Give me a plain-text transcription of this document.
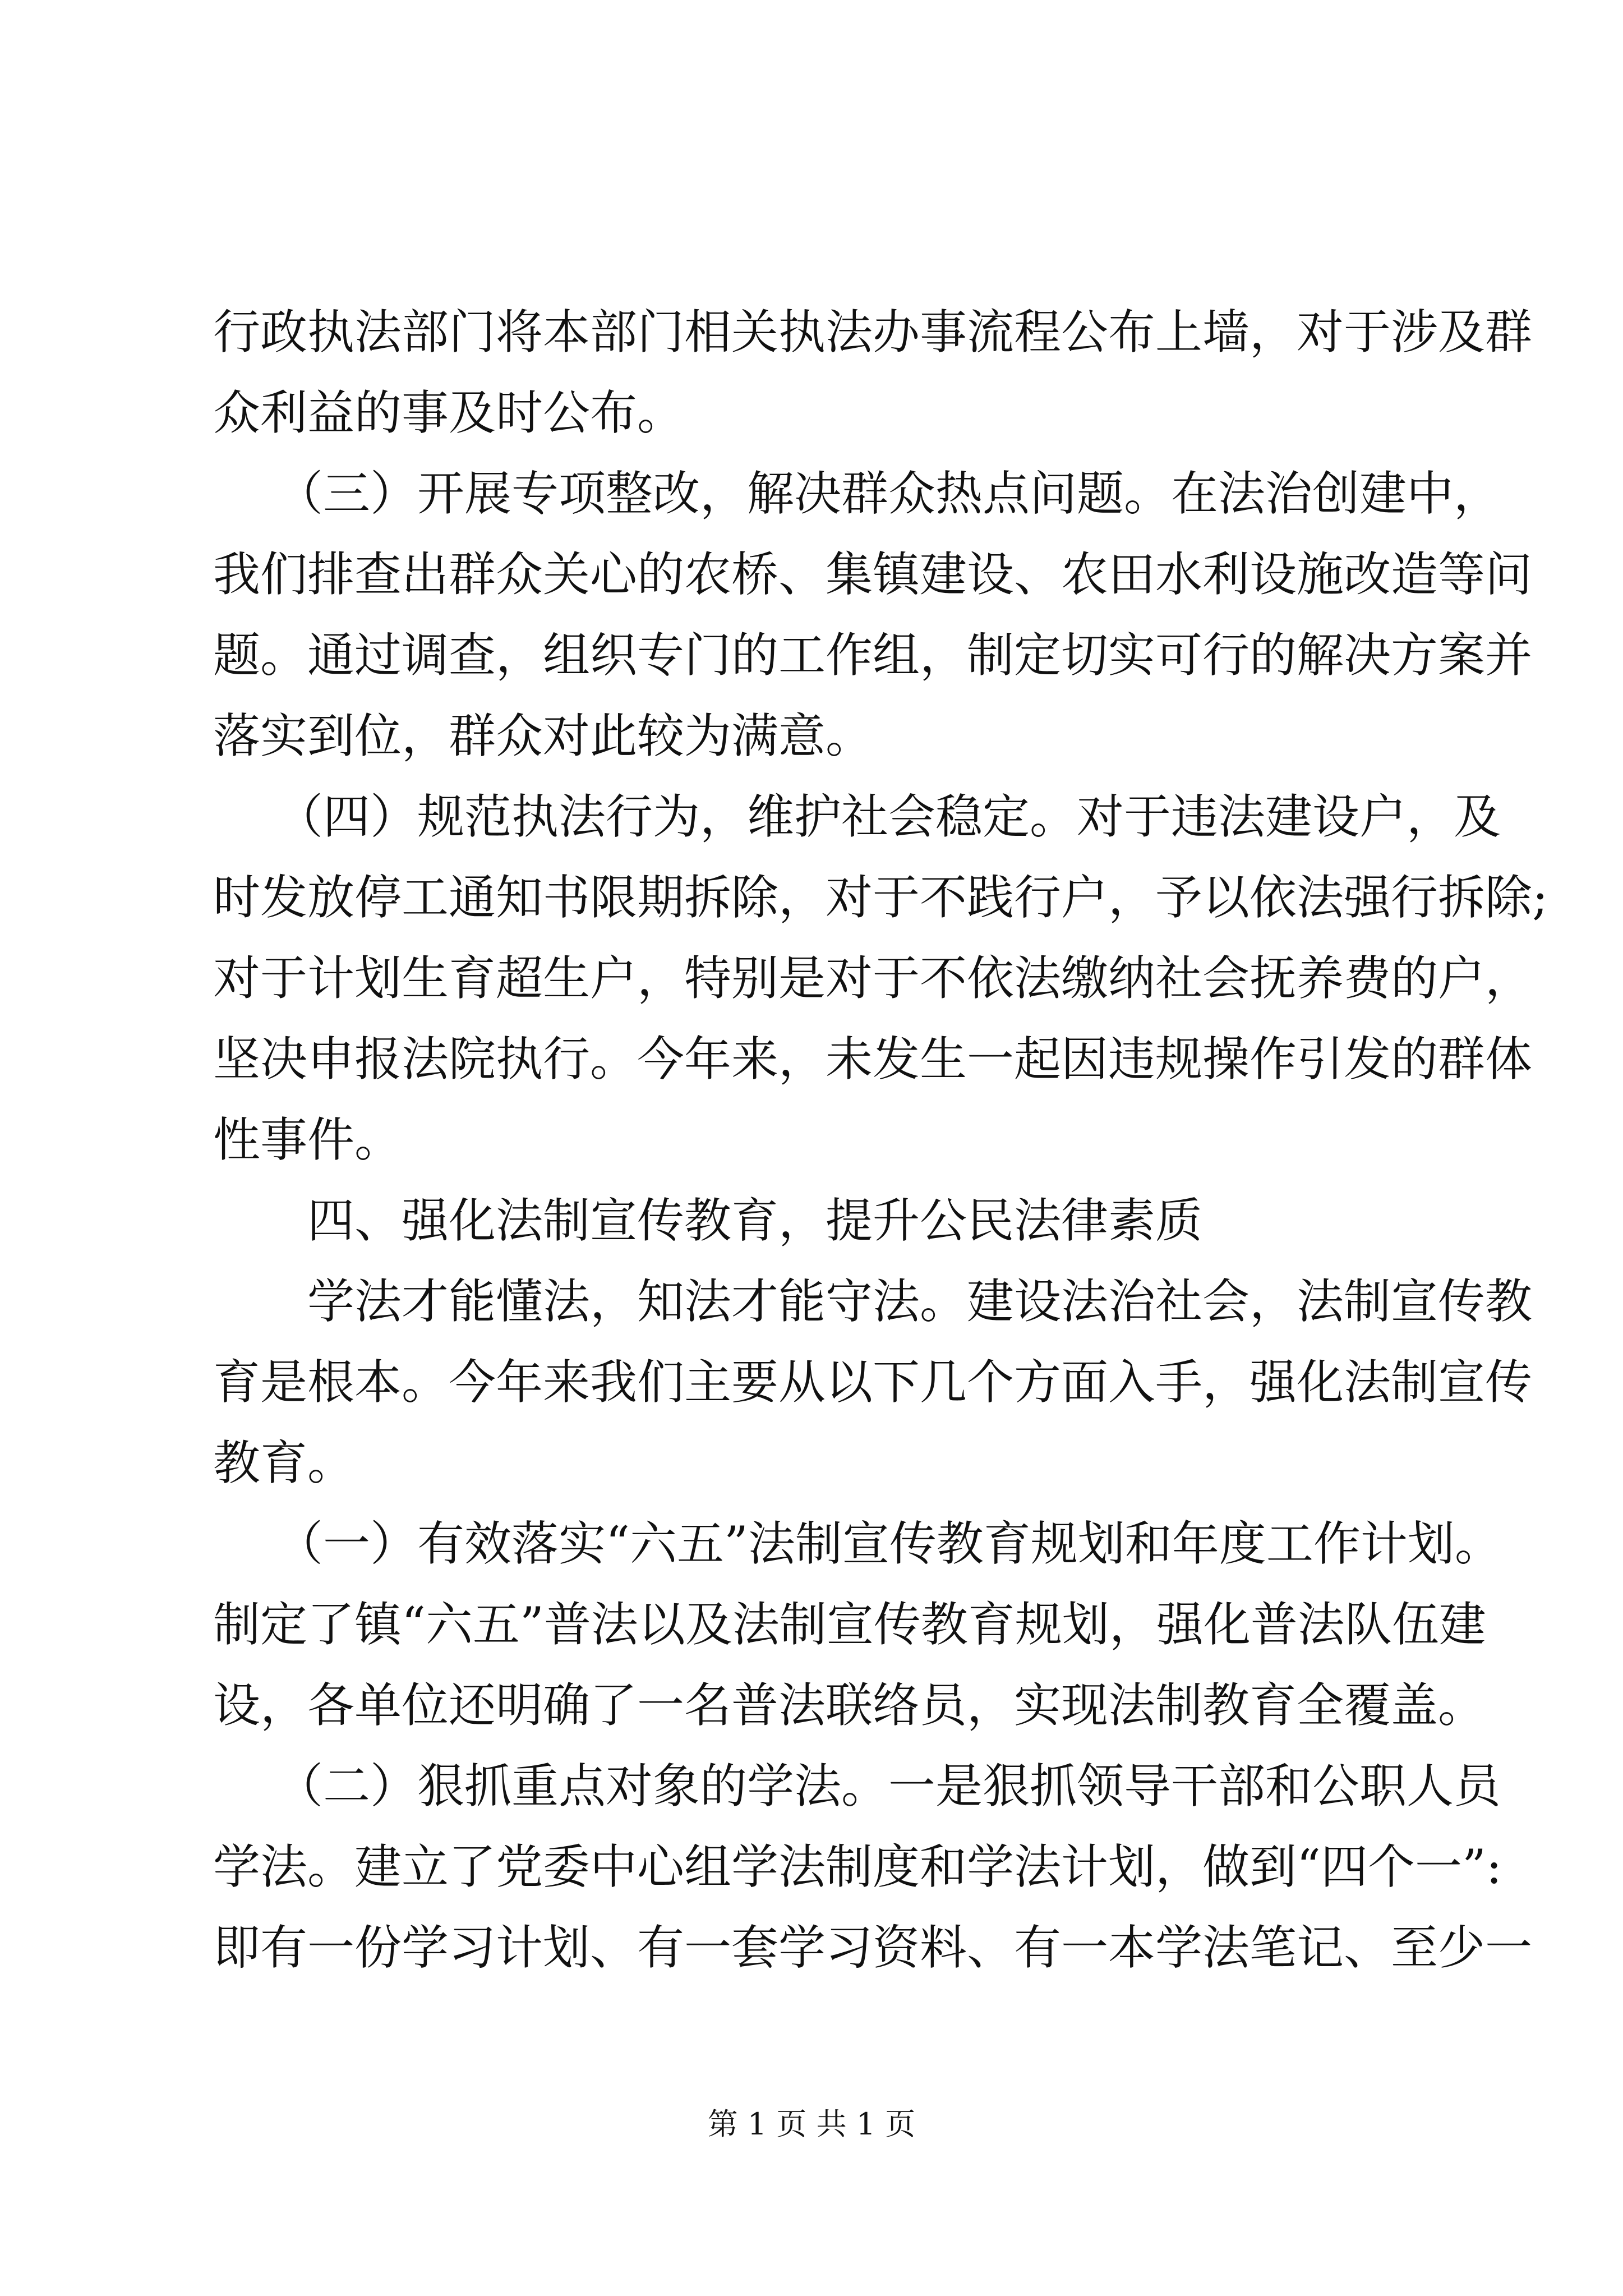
行政执法部门将本部门相关执法办事流程公布上墙，对于涉及群
众利益的事及时公布。
（三）开展专项整改，解决群众热点问题。在法治创建中，
我们排查出群众关心的农桥、集镇建设、农田水利设施改造等问
题。通过调查，组织专门的工作组，制定切实可行的解决方案并
落实到位，群众对此较为满意。
（四）规范执法行为，维护社会稳定。对于违法建设户，及
时发放停工通知书限期拆除，对于不践行户，予以依法强行拆除;
对于计划生育超生户，特别是对于不依法缴纳社会抚养费的户，
坚决申报法院执行。今年来，未发生一起因违规操作引发的群体
性事件。
四、强化法制宣传教育，提升公民法律素质
学法才能懂法，知法才能守法。建设法治社会，法制宣传教
育是根本。今年来我们主要从以下几个方面入手，强化法制宣传
教育。
（一）有效落实“六五”法制宣传教育规划和年度工作计划。
制定了镇“六五”普法以及法制宣传教育规划，强化普法队伍建
设，各单位还明确了一名普法联络员，实现法制教育全覆盖。
（二）狠抓重点对象的学法。一是狠抓领导干部和公职人员
学法。建立了党委中心组学法制度和学法计划，做到“四个一”:
即有一份学习计划、有一套学习资料、有一本学法笔记、至少一
第 1 页 共 1 页
